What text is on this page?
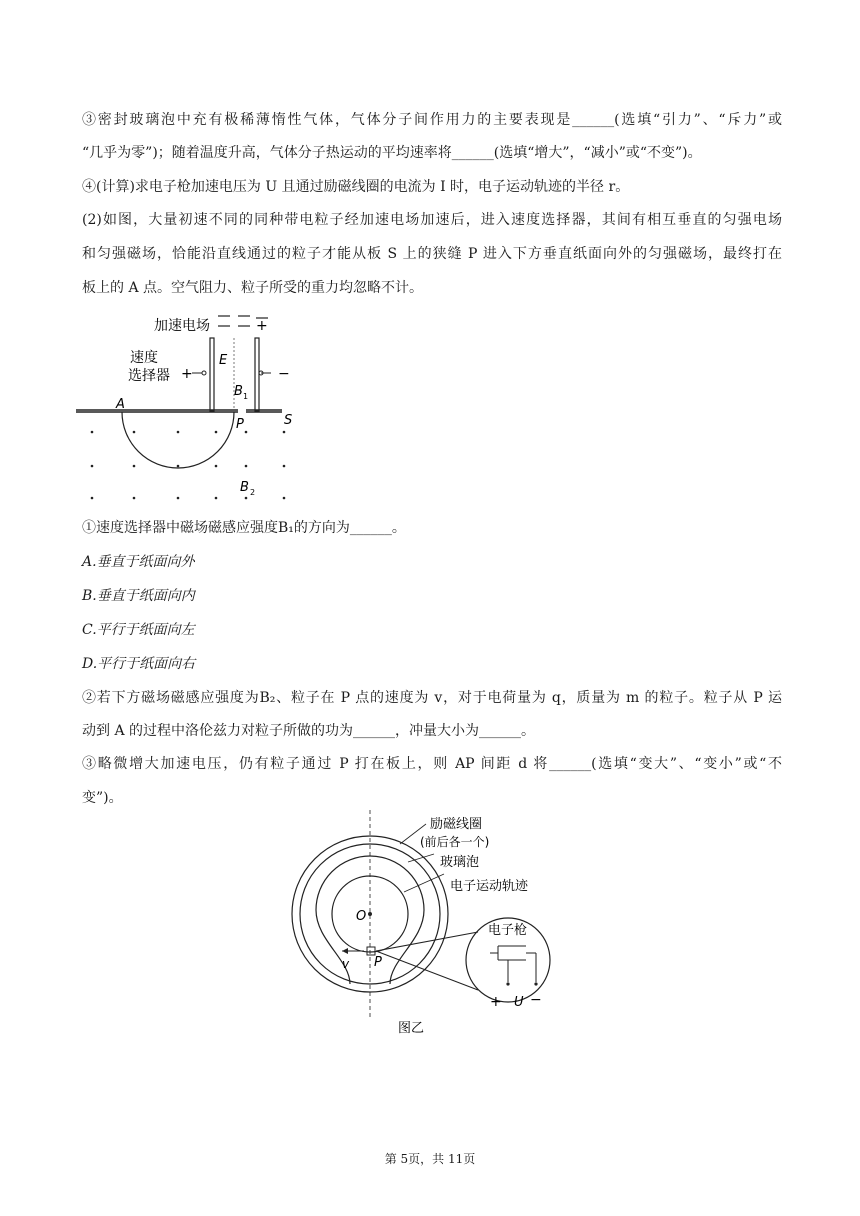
③密封玻璃泡中充有极稀薄惰性气体，气体分子间作用力的主要表现是______(选填“引力”、“斥力”或
“几乎为零”)；随着温度升高，气体分子热运动的平均速率将______(选填“增大”，“减小”或“不变”)。
④(计算)求电子枪加速电压为 U 且通过励磁线圈的电流为 I 时，电子运动轨迹的半径 r。
(2)如图，大量初速不同的同种带电粒子经加速电场加速后，进入速度选择器，其间有相互垂直的匀强电场
和匀强磁场，恰能沿直线通过的粒子才能从板 S 上的狭缝 P 进入下方垂直纸面向外的匀强磁场，最终打在
板上的 A 点。空气阻力、粒子所受的重力均忽略不计。
加速电场
速度
选择器
+
+	−
E
B 1
A
P	S
B 2
①速度选择器中磁场磁感应强度B₁的方向为______。
A.垂直于纸面向外
B.垂直于纸面向内
C.平行于纸面向左
D.平行于纸面向右
②若下方磁场磁感应强度为B₂、粒子在 P 点的速度为 v，对于电荷量为 q，质量为 m 的粒子。粒子从 P 运
动到 A 的过程中洛伦兹力对粒子所做的功为______，冲量大小为______。
③略微增大加速电压，仍有粒子通过 P 打在板上，则 AP 间距 d 将______(选填“变大”、“变小”或“不
变”)。
O
v P
电子枪
+ U −
励磁线圈
(前后各一个)
玻璃泡
电子运动轨迹
图乙
第 5页，共 11页
